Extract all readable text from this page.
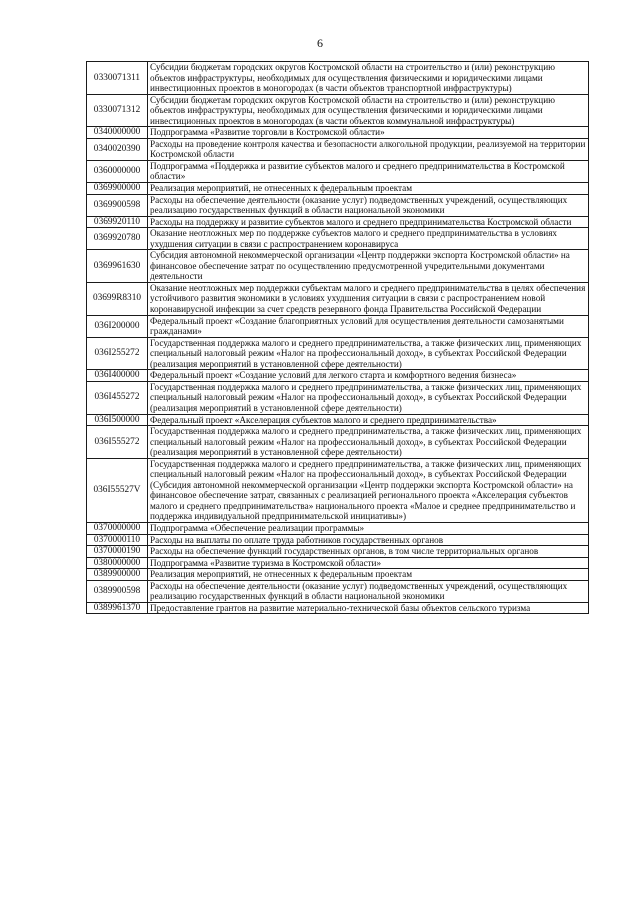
6
0330071311	Субсидии бюджетам городских округов Костромской области на строительство и (или) реконструкцию объектов инфраструктуры, необходимых для осуществления физическими и юридическими лицами инвестиционных проектов в моногородах (в части объектов транспортной инфраструктуры)
0330071312	Субсидии бюджетам городских округов Костромской области на строительство и (или) реконструкцию объектов инфраструктуры, необходимых для осуществления физическими и юридическими лицами инвестиционных проектов в моногородах (в части объектов коммунальной инфраструктуры)
0340000000	Подпрограмма «Развитие торговли в Костромской области»
0340020390	Расходы на проведение контроля качества и безопасности алкогольной продукции, реализуемой на территории Костромской области
0360000000	Подпрограмма «Поддержка и развитие субъектов малого и среднего предпринимательства в Костромской области»
0369900000	Реализация мероприятий, не отнесенных к федеральным проектам
0369900598	Расходы на обеспечение деятельности (оказание услуг) подведомственных учреждений, осуществляющих реализацию государственных функций в области национальной экономики
0369920110	Расходы на поддержку и развитие субъектов малого и среднего предпринимательства Костромской области
0369920780	Оказание неотложных мер по поддержке субъектов малого и среднего предпринимательства в условиях ухудшения ситуации в связи с распространением коронавируса
0369961630	Субсидия автономной некоммерческой организации «Центр поддержки экспорта Костромской области» на финансовое обеспечение затрат по осуществлению предусмотренной учредительными документами деятельности
03699R8310	Оказание неотложных мер поддержки субъектам малого и среднего предпринимательства в целях обеспечения устойчивого развития экономики в условиях ухудшения ситуации в связи с распространением новой коронавирусной инфекции за счет средств резервного фонда Правительства Российской Федерации
036I200000	Федеральный проект «Создание благоприятных условий для осуществления деятельности самозанятыми гражданами»
036I255272	Государственная поддержка малого и среднего предпринимательства, а также физических лиц, применяющих специальный налоговый режим «Налог на профессиональный доход», в субъектах Российской Федерации (реализация мероприятий в установленной сфере деятельности)
036I400000	Федеральный проект «Создание условий для легкого старта и комфортного ведения бизнеса»
036I455272	Государственная поддержка малого и среднего предпринимательства, а также физических лиц, применяющих специальный налоговый режим «Налог на профессиональный доход», в субъектах Российской Федерации (реализация мероприятий в установленной сфере деятельности)
036I500000	Федеральный проект «Акселерация субъектов малого и среднего предпринимательства»
036I555272	Государственная поддержка малого и среднего предпринимательства, а также физических лиц, применяющих специальный налоговый режим «Налог на профессиональный доход», в субъектах Российской Федерации (реализация мероприятий в установленной сфере деятельности)
036I55527V	Государственная поддержка малого и среднего предпринимательства, а также физических лиц, применяющих специальный налоговый режим «Налог на профессиональный доход», в субъектах Российской Федерации (Субсидия автономной некоммерческой организации «Центр поддержки экспорта Костромской области» на финансовое обеспечение затрат, связанных с реализацией регионального проекта «Акселерация субъектов малого и среднего предпринимательства» национального проекта «Малое и среднее предпринимательство и поддержка индивидуальной предпринимательской инициативы»)
0370000000	Подпрограмма «Обеспечение реализации программы»
0370000110	Расходы на выплаты по оплате труда работников государственных органов
0370000190	Расходы на обеспечение функций государственных органов, в том числе территориальных органов
0380000000	Подпрограмма «Развитие туризма в Костромской области»
0389900000	Реализация мероприятий, не отнесенных к федеральным проектам
0389900598	Расходы на обеспечение деятельности (оказание услуг) подведомственных учреждений, осуществляющих реализацию государственных функций в области национальной экономики
0389961370	Предоставление грантов на развитие материально-технической базы объектов сельского туризма
